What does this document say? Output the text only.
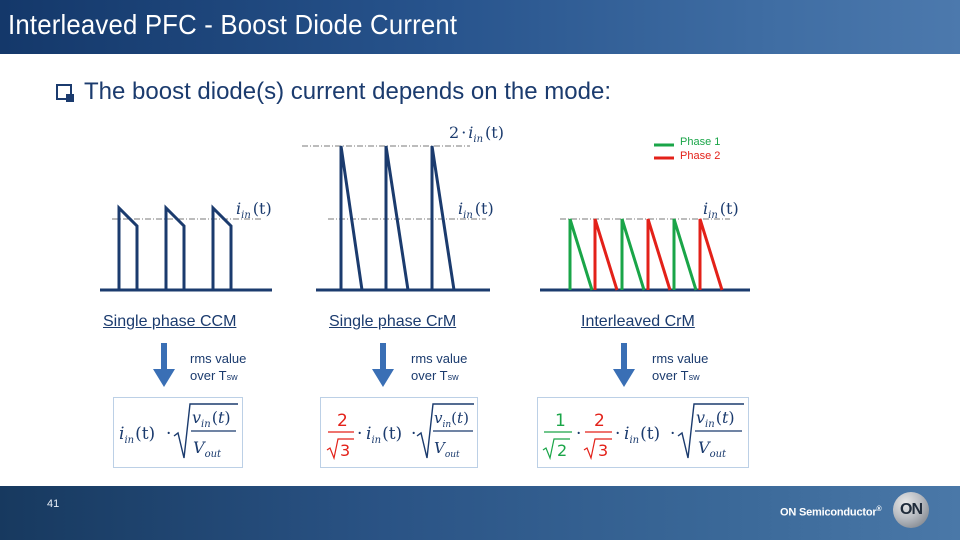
Interleaved PFC - Boost Diode Current
The boost diode(s) current depends on the mode:
$i_{in}$ (t)
$2 \cdot i_{in}$ (t)
$i_{in}$ (t)	$i_{in}$ (t)
Phase 1
Phase 2
Single phase CCM	Single phase CrM	Interleaved CrM
rms value
over Tsw
rms value
over Tsw
rms value
over Tsw
$i_{in}(t)$ ·
$v_{in}(t)$
$V_{out}$
2
3
· $i_{in}(t)$ ·
$v_{in}(t)$
$V_{out}$
1
2
·
2
3
· $i_{in}(t)$ ·
$v_{in}(t)$
$V_{out}$
41
ON Semiconductor®	ON
